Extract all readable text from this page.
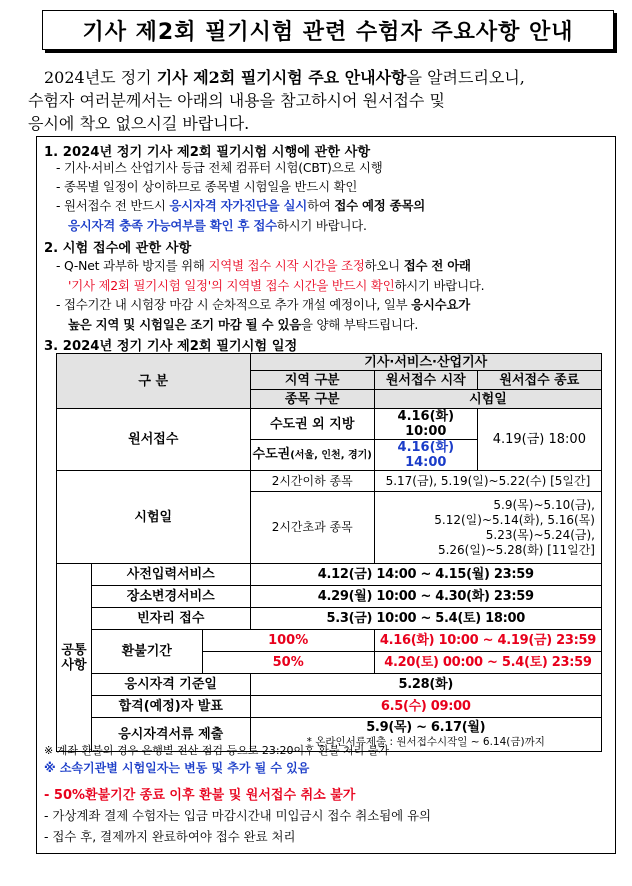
기사 제2회 필기시험 관련 수험자 주요사항 안내
2024년도 정기 기사 제2회 필기시험 주요 안내사항을 알려드리오니,
수험자 여러분께서는 아래의 내용을 참고하시어 원서접수 및
응시에 착오 없으시길 바랍니다.
1. 2024년 정기 기사 제2회 필기시험 시행에 관한 사항
- 기사·서비스 산업기사 등급 전체 컴퓨터 시험(CBT)으로 시행
- 종목별 일정이 상이하므로 종목별 시험일을 반드시 확인
- 원서접수 전 반드시 응시자격 자가진단을 실시하여 접수 예정 종목의
응시자격 충족 가능여부를 확인 후 접수하시기 바랍니다.
2. 시험 접수에 관한 사항
- Q-Net 과부하 방지를 위해 지역별 접수 시작 시간을 조정하오니 접수 전 아래
'기사 제2회 필기시험 일정'의 지역별 접수 시간을 반드시 확인하시기 바랍니다.
- 접수기간 내 시험장 마감 시 순차적으로 추가 개설 예정이나, 일부 응시수요가
높은 지역 및 시험일은 조기 마감 될 수 있음을 양해 부탁드립니다.
3. 2024년 정기 기사 제2회 필기시험 일정
구 분			기사·서비스·산업기사		
			지역 구분	원서접수 시작	원서접수 종료
			종목 구분	시험일	
원서접수			수도권 외 지방	4.16(화) 10:00	4.19(금) 18:00
			수도권(서울, 인천, 경기)	4.16(화) 14:00	
시험일			2시간이하 종목	5.17(금), 5.19(일)~5.22(수) [5일간]	
			2시간초과 종목	5.9(목)~5.10(금),
5.12(일)~5.14(화), 5.16(목)
5.23(목)~5.24(금),
5.26(일)~5.28(화) [11일간]	

공통
사항	사전입력서비스		4.12(금) 14:00 ~ 4.15(월) 23:59		
	장소변경서비스		4.29(월) 10:00 ~ 4.30(화) 23:59		
	빈자리 접수		5.3(금) 10:00 ~ 5.4(토) 18:00		
	환불기간	100%		4.16(화) 10:00 ~ 4.19(금) 23:59	
		50%		4.20(토) 00:00 ~ 5.4(토) 23:59	
	응시자격 기준일		5.28(화)		
	합격(예정)자 발표		6.5(수) 09:00		
	응시자격서류 제출		5.9(목) ~ 6.17(월)
* 온라인서류제출 : 원서접수시작일 ~ 6.14(금)까지		
※ 계좌 환불의 경우 은행별 전산 점검 등으로 23:20이후 환불 처리 불가
※ 소속기관별 시험일자는 변동 및 추가 될 수 있음
- 50%환불기간 종료 이후 환불 및 원서접수 취소 불가
- 가상계좌 결제 수험자는 입금 마감시간내 미입금시 접수 취소됨에 유의
- 접수 후, 결제까지 완료하여야 접수 완료 처리
